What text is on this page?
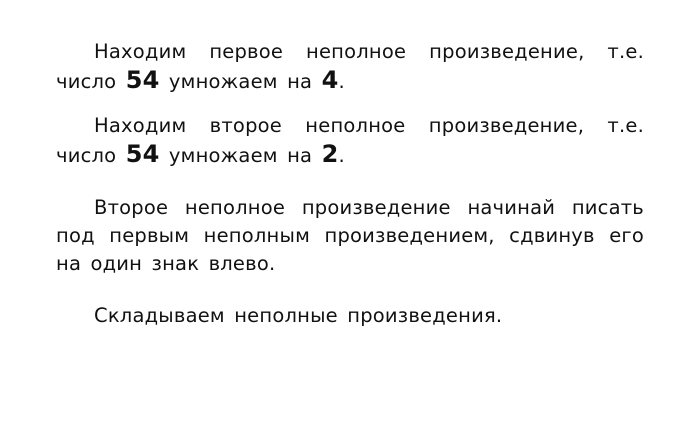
Находим первое неполное произведение, т.е. число 54 умножаем на 4.

Находим второе неполное произведение, т.е. число 54 умножаем на 2.

Второе неполное произведение начинай писать под первым неполным произведением, сдвинув его на один знак влево.

Складываем неполные произведения.
